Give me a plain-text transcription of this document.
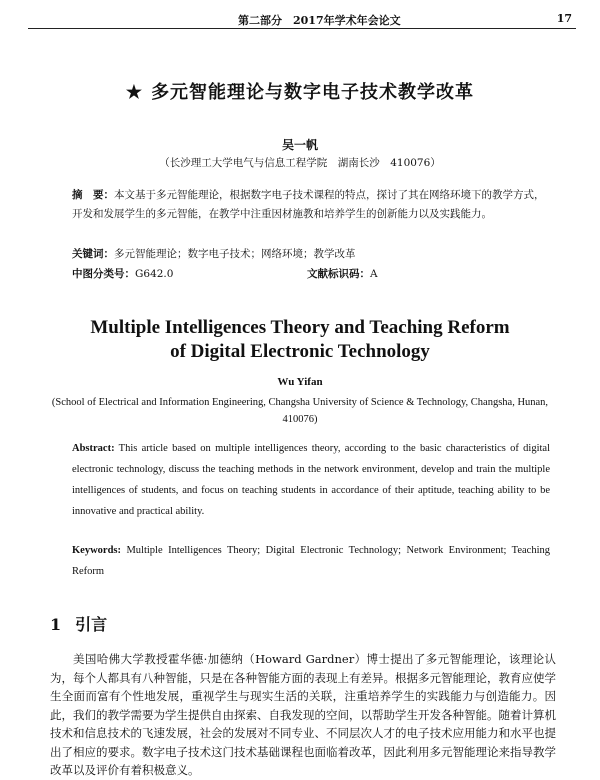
第二部分　2017年学术年会论文	17
★ 多元智能理论与数字电子技术教学改革
吴一帆
（长沙理工大学电气与信息工程学院　湖南长沙　410076）
摘　要：本文基于多元智能理论，根据数字电子技术课程的特点，探讨了其在网络环境下的教学方式，开发和发展学生的多元智能，在教学中注重因材施教和培养学生的创新能力以及实践能力。
关键词：多元智能理论；数字电子技术；网络环境；教学改革
中图分类号：G642.0	文献标识码：A
Multiple Intelligences Theory and Teaching Reform
of Digital Electronic Technology
Wu Yifan
(School of Electrical and Information Engineering, Changsha University of Science & Technology, Changsha, Hunan, 410076)
Abstract: This article based on multiple intelligences theory, according to the basic characteristics of digital electronic technology, discuss the teaching methods in the network environment, develop and train the multiple intelligences of students, and focus on teaching students in accordance of their aptitude, teaching ability to be innovative and practical ability.
Keywords: Multiple Intelligences Theory; Digital Electronic Technology; Network Environment; Teaching Reform
1 引言
美国哈佛大学教授霍华德·加德纳（Howard Gardner）博士提出了多元智能理论，该理论认为，每个人都具有八种智能，只是在各种智能方面的表现上有差异。根据多元智能理论，教育应使学生全面而富有个性地发展，重视学生与现实生活的关联，注重培养学生的实践能力与创造能力。因此，我们的教学需要为学生提供自由探索、自我发现的空间，以帮助学生开发各种智能。随着计算机技术和信息技术的飞速发展，社会的发展对不同专业、不同层次人才的电子技术应用能力和水平也提出了相应的要求。数字电子技术这门技术基础课程也面临着改革，因此利用多元智能理论来指导教学改革以及评价有着积极意义。
